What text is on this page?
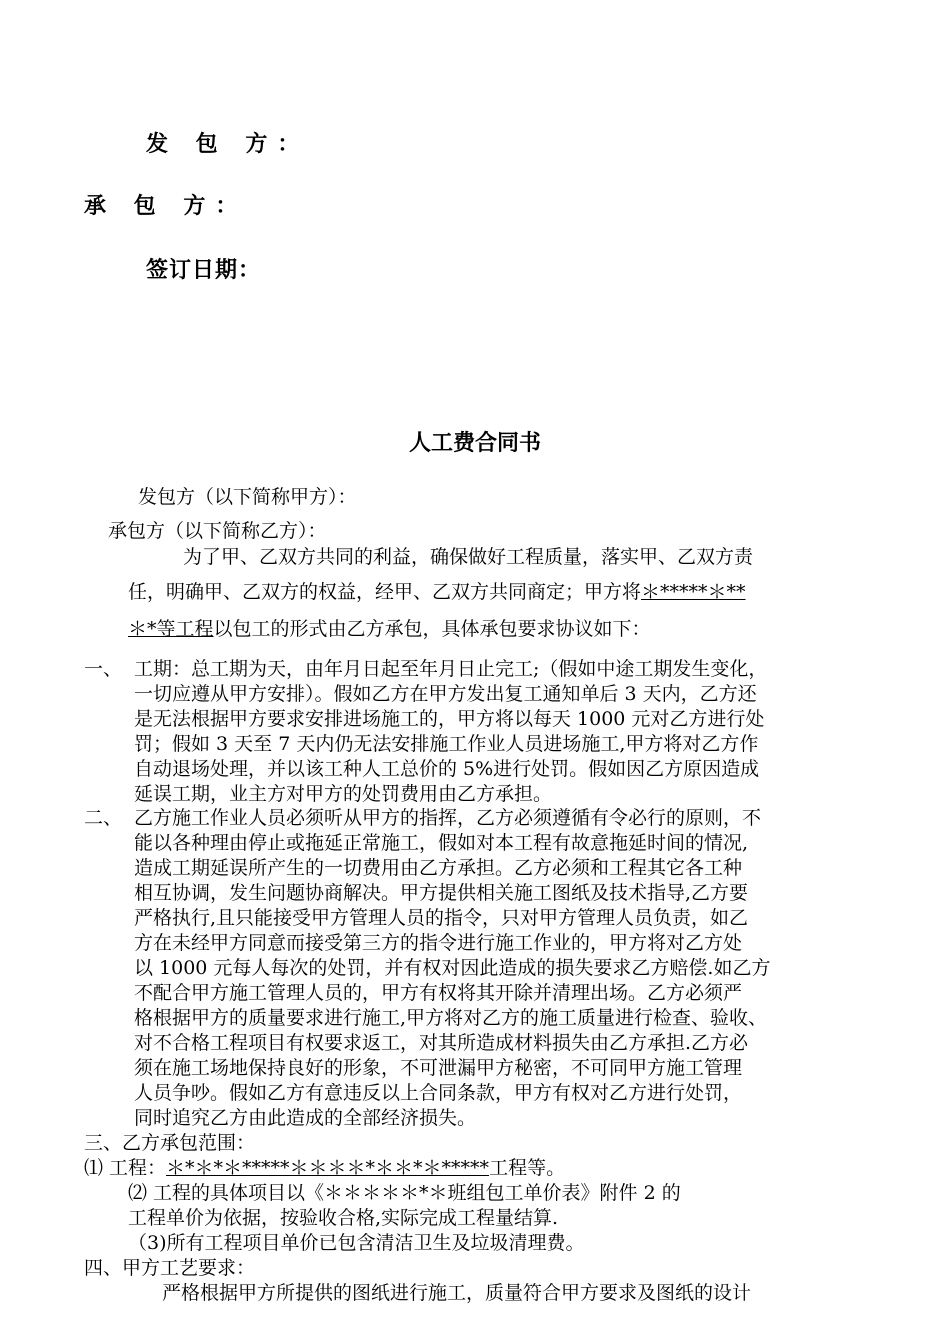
发 包 方：
承 包 方：
签订日期：
人工费合同书
发包方（以下简称甲方）：
承包方（以下简称乙方）：
为了甲、乙双方共同的利益，确保做好工程质量，落实甲、乙双方责
任，明确甲、乙双方的权益，经甲、乙双方共同商定；甲方将＊*****＊**
＊*等工程以包工的形式由乙方承包，具体承包要求协议如下：
一、 工期：总工期为天，由年月日起至年月日止完工;（假如中途工期发生变化，
一切应遵从甲方安排）。假如乙方在甲方发出复工通知单后 3 天内，乙方还
是无法根据甲方要求安排进场施工的，甲方将以每天 1000 元对乙方进行处
罚；假如 3 天至 7 天内仍无法安排施工作业人员进场施工,甲方将对乙方作
自动退场处理，并以该工种人工总价的 5%进行处罚。假如因乙方原因造成
延误工期，业主方对甲方的处罚费用由乙方承担。
二、 乙方施工作业人员必须听从甲方的指挥，乙方必须遵循有令必行的原则，不
能以各种理由停止或拖延正常施工，假如对本工程有故意拖延时间的情况,
造成工期延误所产生的一切费用由乙方承担。乙方必须和工程其它各工种
相互协调，发生问题协商解决。甲方提供相关施工图纸及技术指导,乙方要
严格执行,且只能接受甲方管理人员的指令，只对甲方管理人员负责，如乙
方在未经甲方同意而接受第三方的指令进行施工作业的，甲方将对乙方处
以 1000 元每人每次的处罚，并有权对因此造成的损失要求乙方赔偿.如乙方
不配合甲方施工管理人员的，甲方有权将其开除并清理出场。乙方必须严
格根据甲方的质量要求进行施工,甲方将对乙方的施工质量进行检查、验收、
对不合格工程项目有权要求返工，对其所造成材料损失由乙方承担.乙方必
须在施工场地保持良好的形象，不可泄漏甲方秘密，不可同甲方施工管理
人员争吵。假如乙方有意违反以上合同条款，甲方有权对乙方进行处罚，
同时追究乙方由此造成的全部经济损失。
三、乙方承包范围：
⑴ 工程：＊*＊*＊*****＊＊＊＊*＊＊*＊*****工程等。
⑵ 工程的具体项目以《＊＊＊＊＊*＊班组包工单价表》附件 2 的
工程单价为依据，按验收合格,实际完成工程量结算.
（3)所有工程项目单价已包含清洁卫生及垃圾清理费。
四、甲方工艺要求：
严格根据甲方所提供的图纸进行施工，质量符合甲方要求及图纸的设计
